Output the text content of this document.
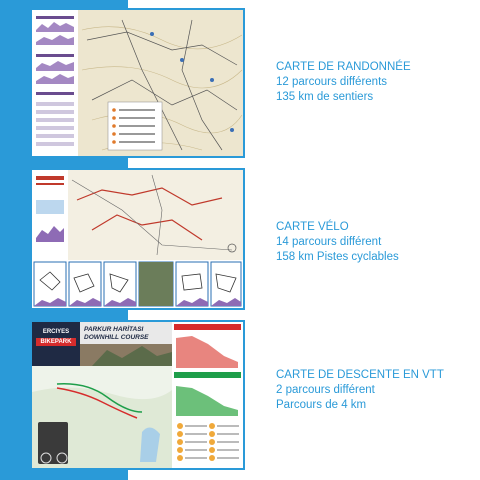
ERCIYES
BIKEPARK
PARKUR HARİTASI
DOWNHILL COURSE
CARTE DE RANDONNÉE
12 parcours différents
135 km de sentiers
CARTE VÉLO
14 parcours différent
158 km Pistes cyclables
CARTE DE DESCENTE EN VTT
2 parcours différent
Parcours de 4 km
